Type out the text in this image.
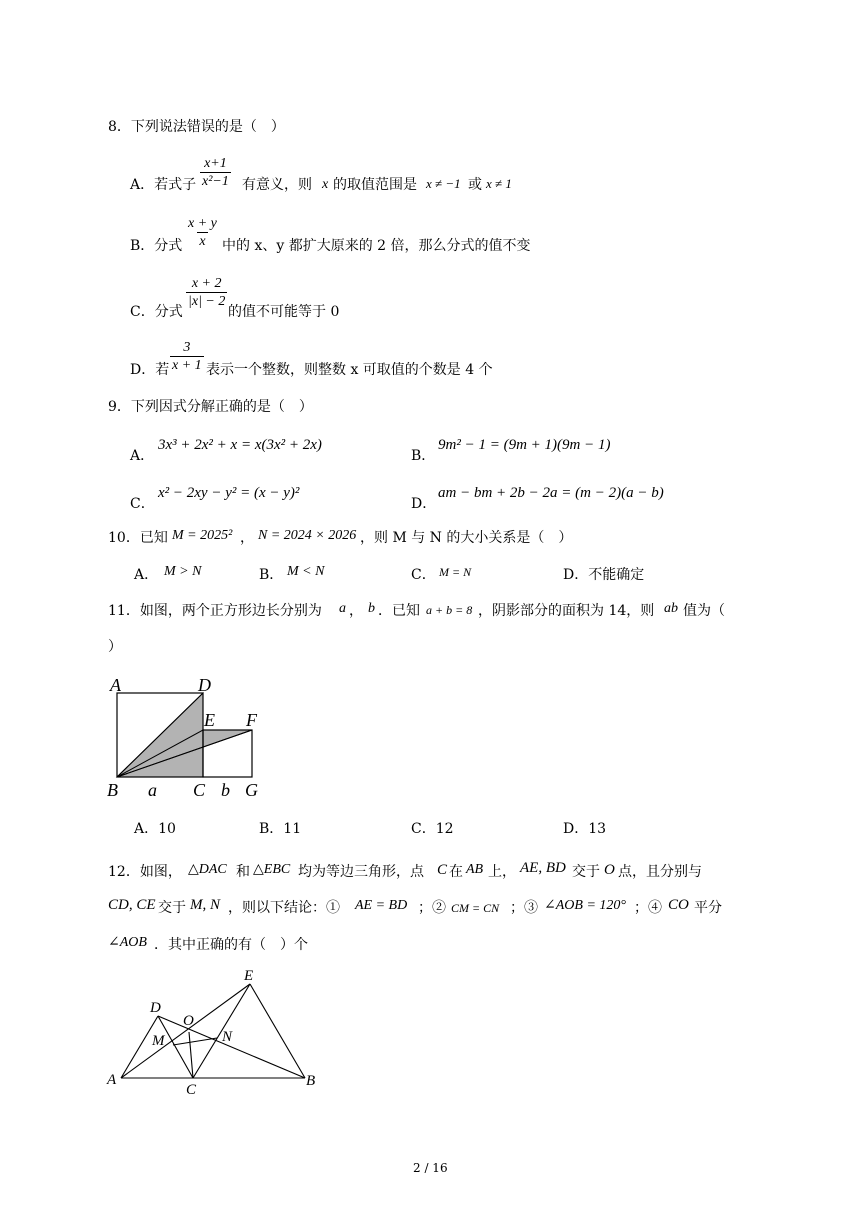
8．下列说法错误的是（　）
A．若式子 $\frac{x+1}{\text{x²−1}}$ 有意义，则 x 的取值范围是 x ≠ −1 或 x ≠ 1
B．分式 $\frac{x + y}{x}$ 中的 x、y 都扩大原来的 2 倍，那么分式的值不变
C．分式
$\frac{x + 2}{|x| - 2}$
的值不可能等于 0
D．若 $\frac{3}{x + 1}$ 表示一个整数，则整数 x 可取值的个数是 4 个
9．下列因式分解正确的是（　）
A．
3x³ + 2x² + x = x(3x² + 2x)
B．
9m² − 1 = (9m + 1)(9m − 1)
C．
x² − 2xy − y² = (x − y)²
D．
am − bm + 2b − 2a = (m − 2)(a − b)
10．已知 M = 2025² ， N = 2024 × 2026 ，则 M 与 N 的大小关系是（　）
A． M > N	B． M < N	C． M = N	D．不能确定
11．如图，两个正方形边长分别为 a ， b ．已知 a + b = 8 ，阴影部分的面积为 14，则 ab 值为（
）
A	D
E F
B a C b G
A．10	B．11	C．12	D．13
12．如图， △DAC 和 △EBC 均为等边三角形，点 C 在 AB 上， AE, BD 交于 O 点，且分别与
CD, CE 交于 M, N ，则以下结论：① AE = BD ；② CM = CN ；③ ∠AOB = 120° ；④ CO 平分
∠AOB ．其中正确的有（　）个
E
D
O
M	N
A
C
B
2 / 16
